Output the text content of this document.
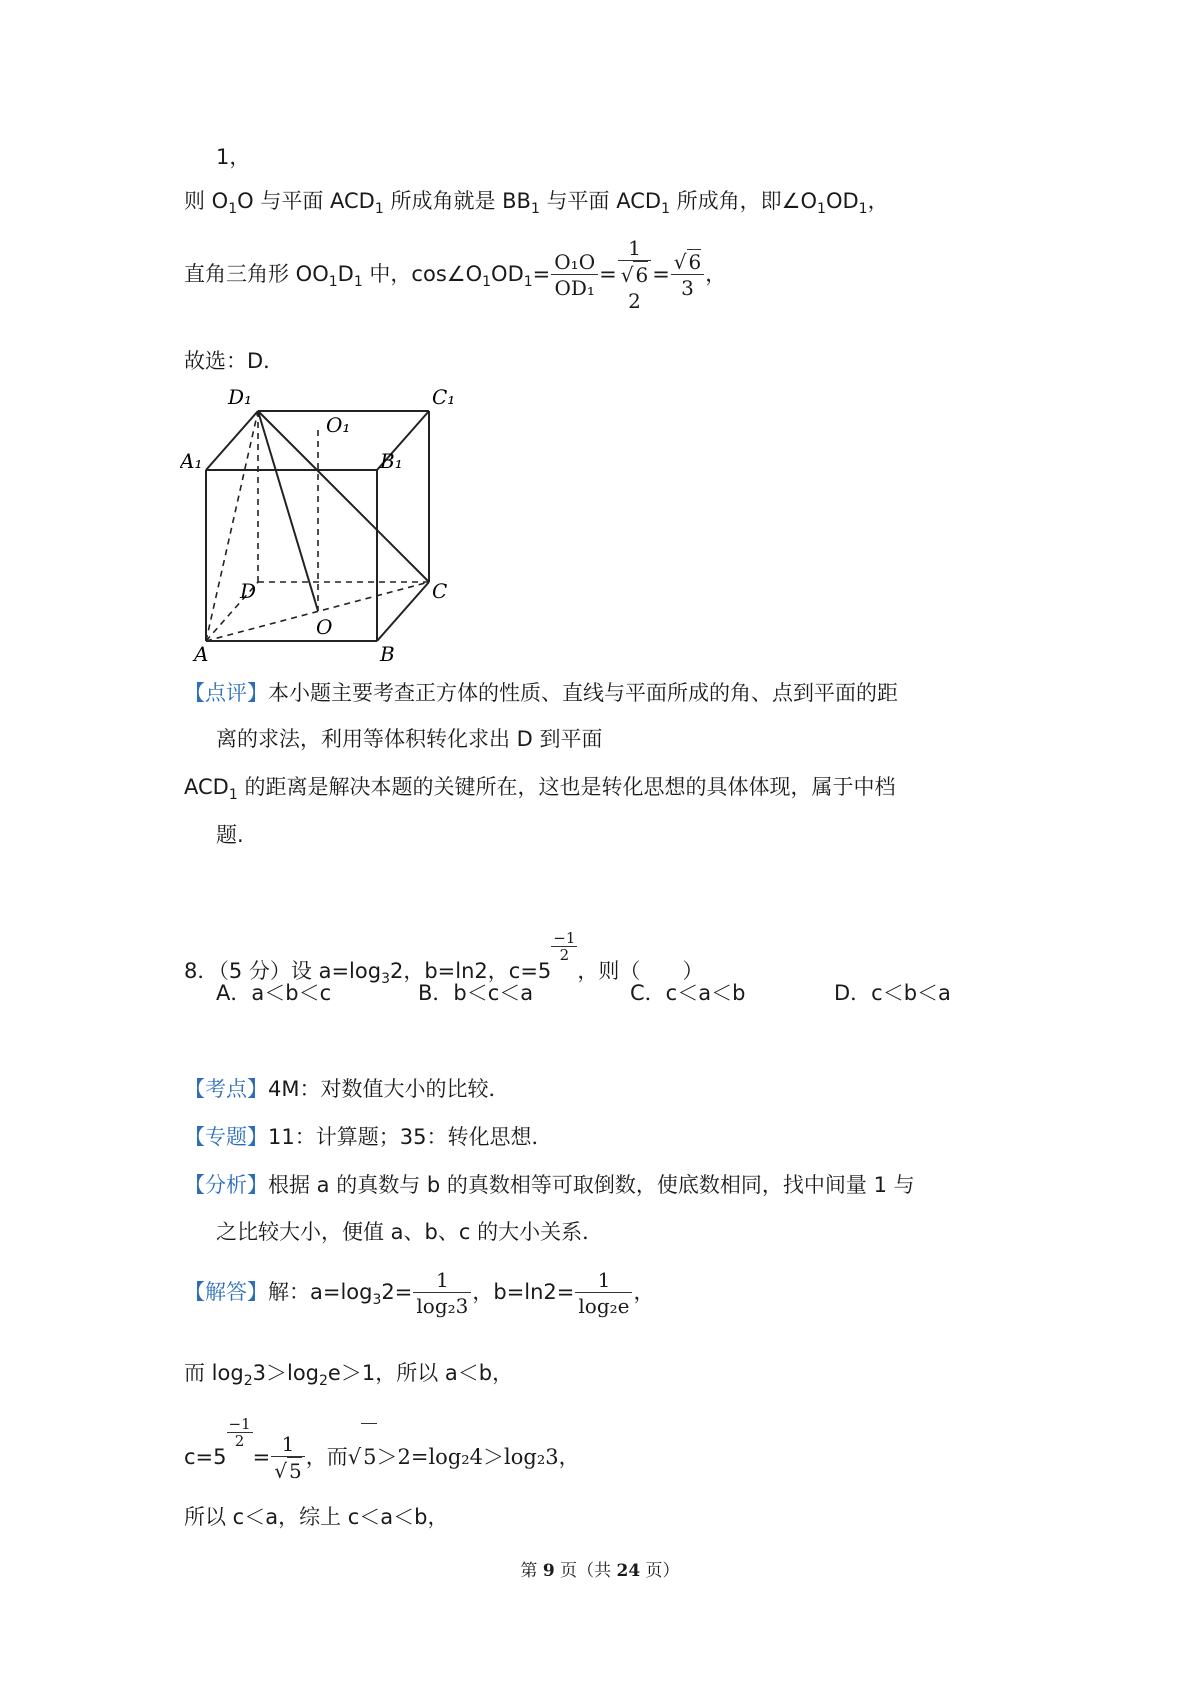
1，
则 $O_1O$ 与平面 $ACD_1$ 所成角就是 $BB_1$ 与平面 $ACD_1$ 所成角，即$\angle O_1OD_1$，
直角三角形 $OO_1D_1$ 中，$\cos\angle O_1OD_1= \frac{\text{O₁O}}{\text{OD₁}}$ =
1
√ 6
2
= $\frac{√ 6}{3}$ ，
故选：D．
D₁	C₁
A₁	B₁
O₁
D	C
O
A	B
【点评】本小题主要考查正方体的性质、直线与平面所成的角、点到平面的距
离的求法，利用等体积转化求出 D 到平面
$ACD_1$ 的距离是解决本题的关键所在，这也是转化思想的具体体现，属于中档
题.
8．（5 分）设 $a=\log_32$，b=ln2，c=5
$\frac{-1}{2}$
，则（　　）
A．a＜b＜c	B．b＜c＜a	C．c＜a＜b	D．c＜b＜a
【考点】4M：对数值大小的比较．
【专题】11：计算题；35：转化思想．
【分析】根据 a 的真数与 b 的真数相等可取倒数，使底数相同，找中间量 1 与
之比较大小，便值 a、b、c 的大小关系．
【解答】解：$a=\log_32= \frac{1}{\text{log₂3}}$ ，$b=\ln 2= \frac{1}{\text{log₂e}}$ ，
而 $\log_23>\log_2e>1$，所以 a＜b，
c=5
$\frac{-1}{2}$
= $\frac{1}{√ 5}$ ，而√5＞2=log₂4＞log₂3，
所以 c＜a，综上 c＜a＜b，
第 9 页（共 24 页）
